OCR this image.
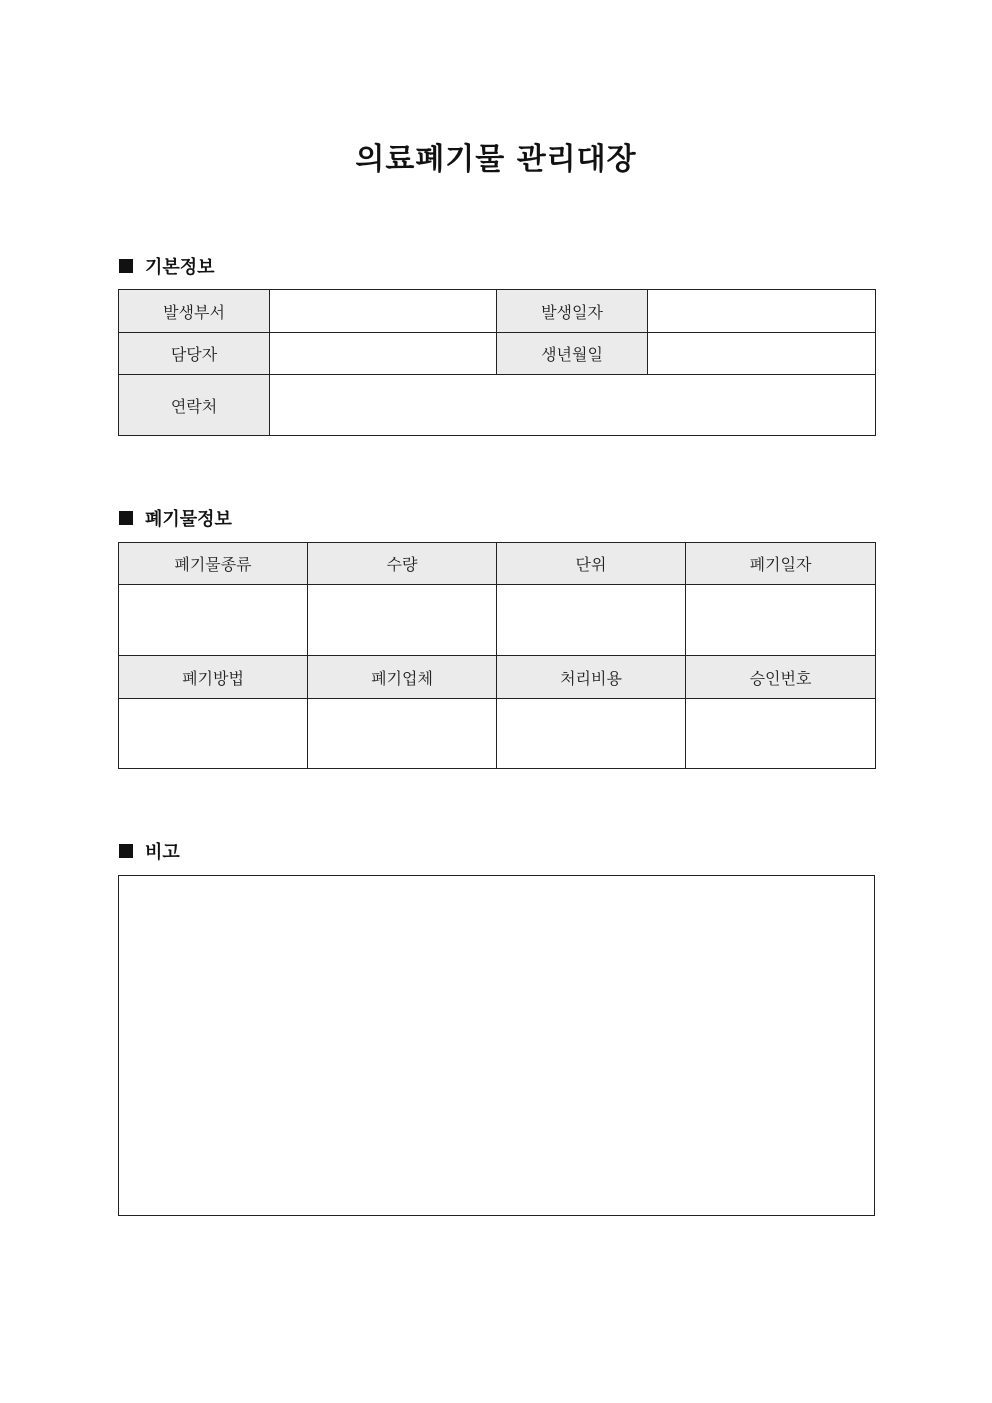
의료폐기물 관리대장
기본정보
발생부서		발생일자	
담당자		생년월일	
연락처			
폐기물정보
폐기물종류	수량	단위	폐기일자

폐기방법	폐기업체	처리비용	승인번호

비고
